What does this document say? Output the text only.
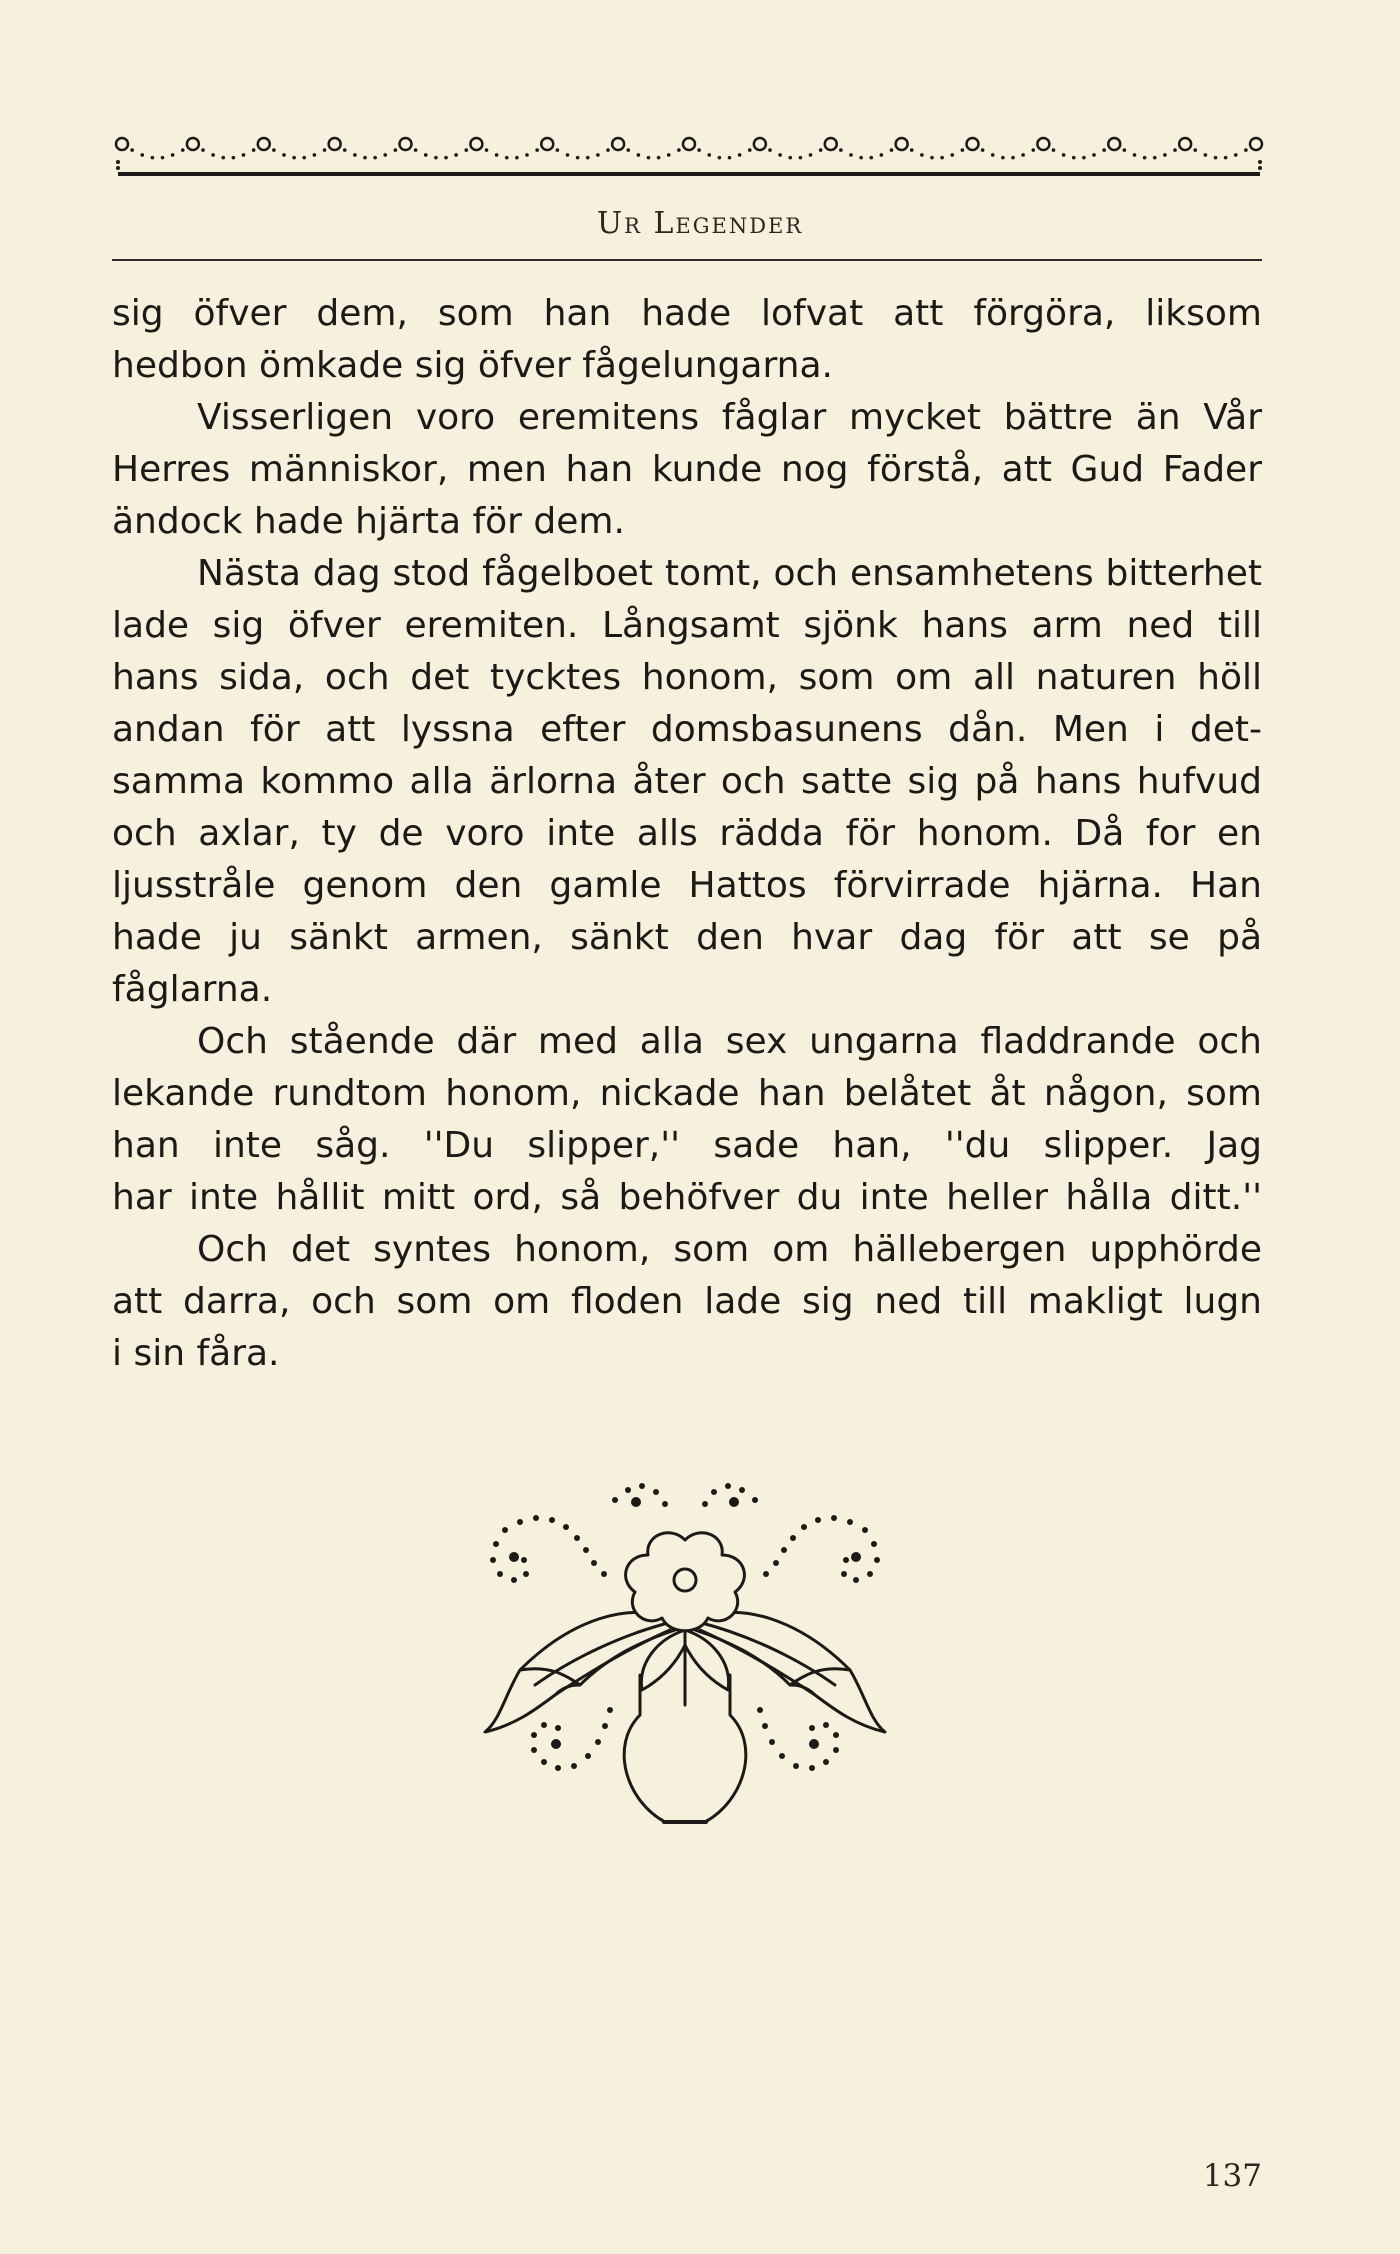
Ur Legender
sig öfver dem, som han hade lofvat att förgöra, liksom
hedbon ömkade sig öfver fågelungarna.
Visserligen voro eremitens fåglar mycket bättre än Vår
Herres människor, men han kunde nog förstå, att Gud Fader
ändock hade hjärta för dem.
Nästa dag stod fågelboet tomt, och ensamhetens bitterhet
lade sig öfver eremiten. Långsamt sjönk hans arm ned till
hans sida, och det tycktes honom, som om all naturen höll
andan för att lyssna efter domsbasunens dån. Men i det-
samma kommo alla ärlorna åter och satte sig på hans hufvud
och axlar, ty de voro inte alls rädda för honom. Då for en
ljusstråle genom den gamle Hattos förvirrade hjärna. Han
hade ju sänkt armen, sänkt den hvar dag för att se på
fåglarna.
Och stående där med alla sex ungarna fladdrande och
lekande rundtom honom, nickade han belåtet åt någon, som
han inte såg. ''Du slipper,'' sade han, ''du slipper. Jag
har inte hållit mitt ord, så behöfver du inte heller hålla ditt.''
Och det syntes honom, som om hällebergen upphörde
att darra, och som om floden lade sig ned till makligt lugn
i sin fåra.
137
